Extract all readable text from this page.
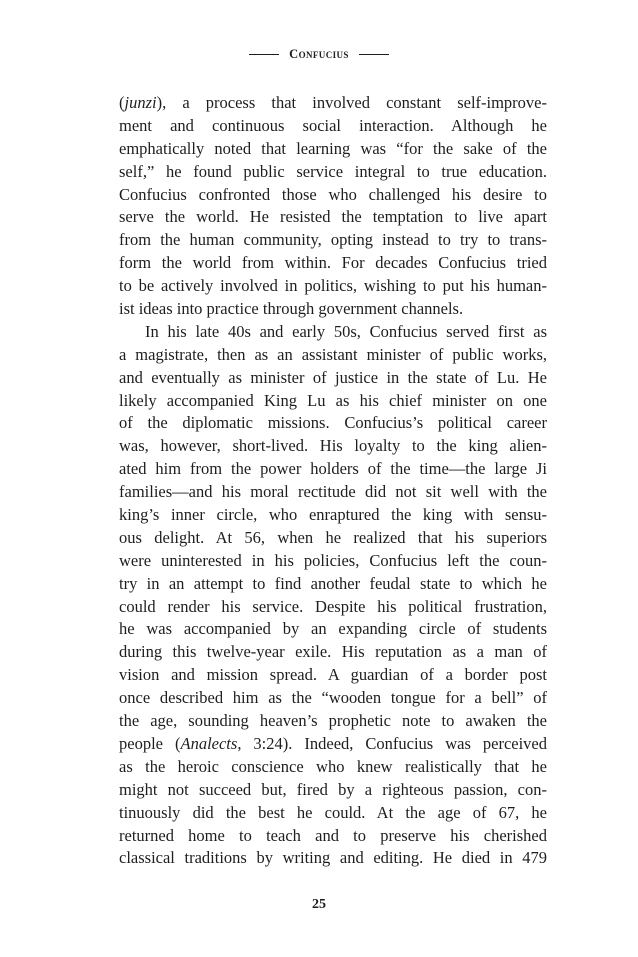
Confucius
(junzi), a process that involved constant self-improve-
ment and continuous social interaction. Although he
emphatically noted that learning was “for the sake of the
self,” he found public service integral to true education.
Confucius confronted those who challenged his desire to
serve the world. He resisted the temptation to live apart
from the human community, opting instead to try to trans-
form the world from within. For decades Confucius tried
to be actively involved in politics, wishing to put his human-
ist ideas into practice through government channels.
In his late 40s and early 50s, Confucius served first as
a magistrate, then as an assistant minister of public works,
and eventually as minister of justice in the state of Lu. He
likely accompanied King Lu as his chief minister on one
of the diplomatic missions. Confucius’s political career
was, however, short-lived. His loyalty to the king alien-
ated him from the power holders of the time—the large Ji
families—and his moral rectitude did not sit well with the
king’s inner circle, who enraptured the king with sensu-
ous delight. At 56, when he realized that his superiors
were uninterested in his policies, Confucius left the coun-
try in an attempt to find another feudal state to which he
could render his service. Despite his political frustration,
he was accompanied by an expanding circle of students
during this twelve-year exile. His reputation as a man of
vision and mission spread. A guardian of a border post
once described him as the “wooden tongue for a bell” of
the age, sounding heaven’s prophetic note to awaken the
people (Analects, 3:24). Indeed, Confucius was perceived
as the heroic conscience who knew realistically that he
might not succeed but, fired by a righteous passion, con-
tinuously did the best he could. At the age of 67, he
returned home to teach and to preserve his cherished
classical traditions by writing and editing. He died in 479
25
